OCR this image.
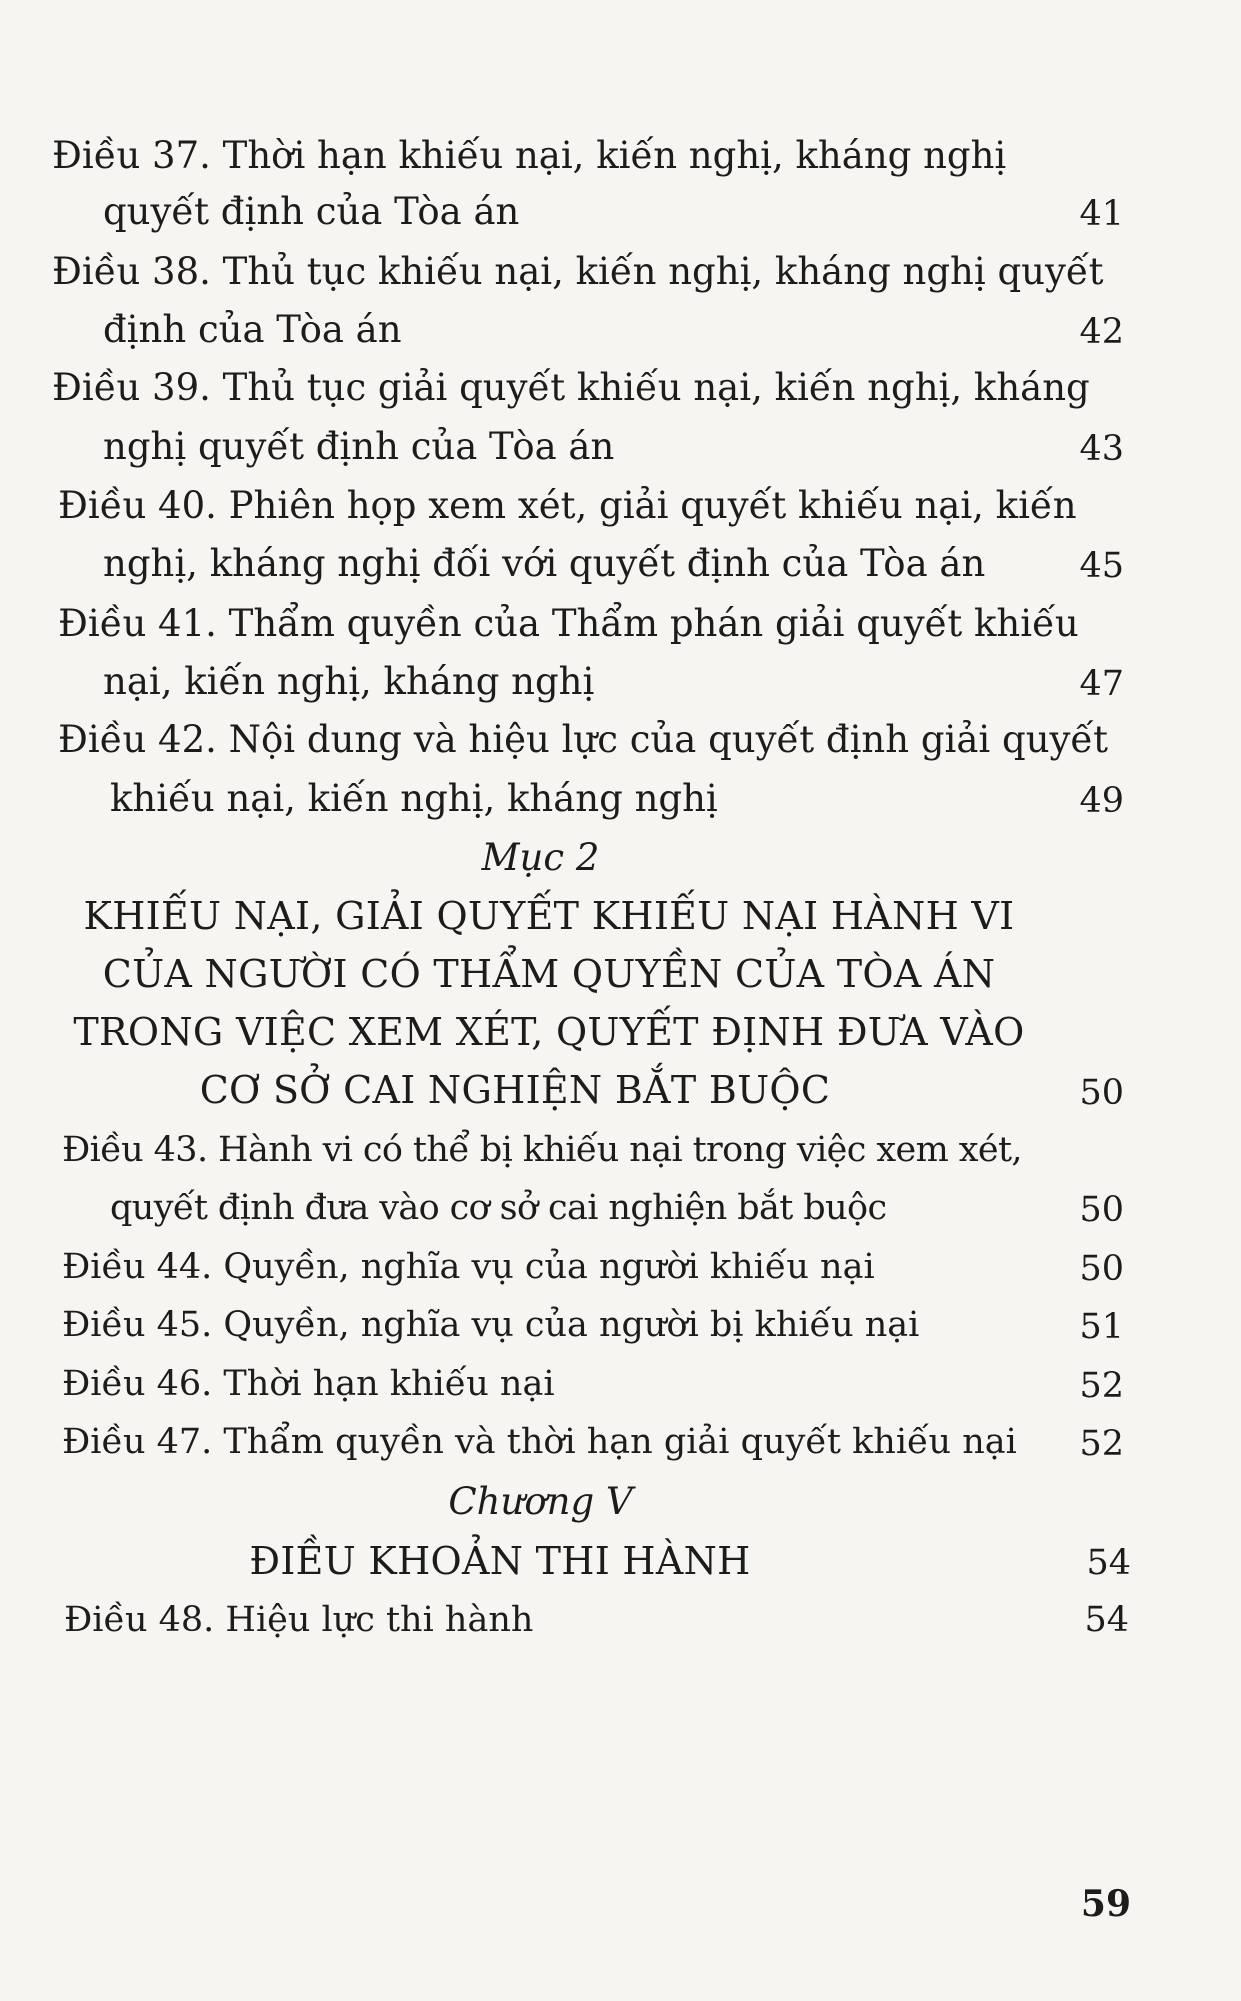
Điều 37. Thời hạn khiếu nại, kiến nghị, kháng nghị
quyết định của Tòa án	41
Điều 38. Thủ tục khiếu nại, kiến nghị, kháng nghị quyết
định của Tòa án	42
Điều 39. Thủ tục giải quyết khiếu nại, kiến nghị, kháng
nghị quyết định của Tòa án	43
Điều 40. Phiên họp xem xét, giải quyết khiếu nại, kiến
nghị, kháng nghị đối với quyết định của Tòa án	45
Điều 41. Thẩm quyền của Thẩm phán giải quyết khiếu
nại, kiến nghị, kháng nghị	47
Điều 42. Nội dung và hiệu lực của quyết định giải quyết
khiếu nại, kiến nghị, kháng nghị	49
Mục 2
KHIẾU NẠI, GIẢI QUYẾT KHIẾU NẠI HÀNH VI
CỦA NGƯỜI CÓ THẨM QUYỀN CỦA TÒA ÁN
TRONG VIỆC XEM XÉT, QUYẾT ĐỊNH ĐƯA VÀO
CƠ SỞ CAI NGHIỆN BẮT BUỘC	50
Điều 43. Hành vi có thể bị khiếu nại trong việc xem xét,
quyết định đưa vào cơ sở cai nghiện bắt buộc	50
Điều 44. Quyền, nghĩa vụ của người khiếu nại	50
Điều 45. Quyền, nghĩa vụ của người bị khiếu nại	51
Điều 46. Thời hạn khiếu nại	52
Điều 47. Thẩm quyền và thời hạn giải quyết khiếu nại 52
Chương V
ĐIỀU KHOẢN THI HÀNH	54
Điều 48. Hiệu lực thi hành	54
59
